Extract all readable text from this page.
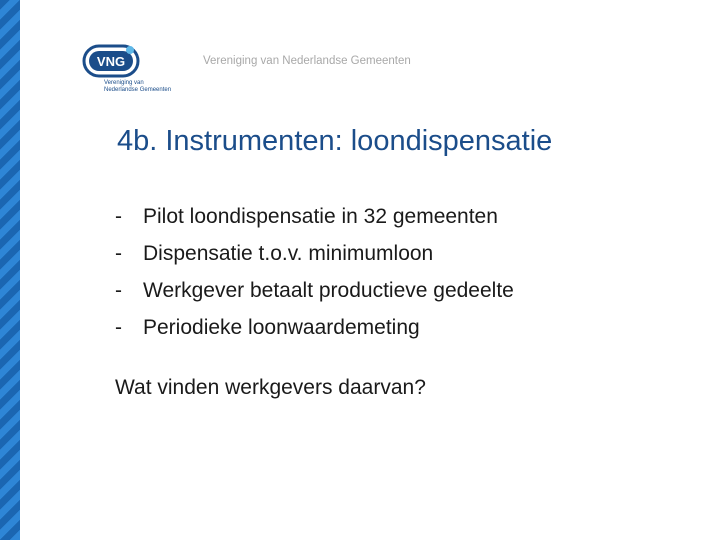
VNG
Vereniging van
Nederlandse Gemeenten
Vereniging van Nederlandse Gemeenten
4b. Instrumenten: loondispensatie
-	Pilot loondispensatie in 32 gemeenten
-	Dispensatie t.o.v. minimumloon
-	Werkgever betaalt productieve gedeelte
-	Periodieke loonwaardemeting

Wat vinden werkgevers daarvan?
